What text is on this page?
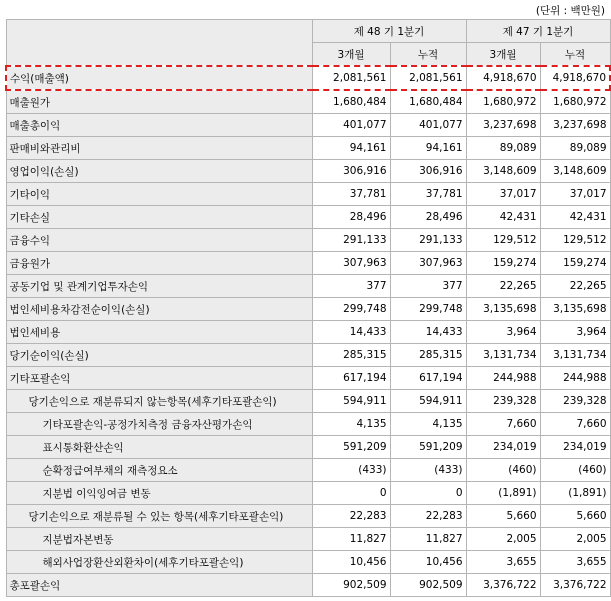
(단위 : 백만원)
	제 48 기 1분기		제 47 기 1분기	
	3개월	누적	3개월	누적
수익(매출액)	2,081,561	2,081,561	4,918,670	4,918,670
매출원가	1,680,484	1,680,484	1,680,972	1,680,972
매출총이익	401,077	401,077	3,237,698	3,237,698
판매비와관리비	94,161	94,161	89,089	89,089
영업이익(손실)	306,916	306,916	3,148,609	3,148,609
기타이익	37,781	37,781	37,017	37,017
기타손실	28,496	28,496	42,431	42,431
금융수익	291,133	291,133	129,512	129,512
금융원가	307,963	307,963	159,274	159,274
공동기업 및 관계기업투자손익	377	377	22,265	22,265
법인세비용차감전순이익(손실)	299,748	299,748	3,135,698	3,135,698
법인세비용	14,433	14,433	3,964	3,964
당기순이익(손실)	285,315	285,315	3,131,734	3,131,734
기타포괄손익	617,194	617,194	244,988	244,988
당기손익으로 재분류되지 않는항목(세후기타포괄손익)	594,911	594,911	239,328	239,328
기타포괄손익-공정가치측정 금융자산평가손익	4,135	4,135	7,660	7,660
표시통화환산손익	591,209	591,209	234,019	234,019
순확정급여부채의 재측정요소	(433)	(433)	(460)	(460)
지분법 이익잉여금 변동	0	0	(1,891)	(1,891)
당기손익으로 재분류될 수 있는 항목(세후기타포괄손익)	22,283	22,283	5,660	5,660
지분법자본변동	11,827	11,827	2,005	2,005
해외사업장환산외환차이(세후기타포괄손익)	10,456	10,456	3,655	3,655
총포괄손익	902,509	902,509	3,376,722	3,376,722
